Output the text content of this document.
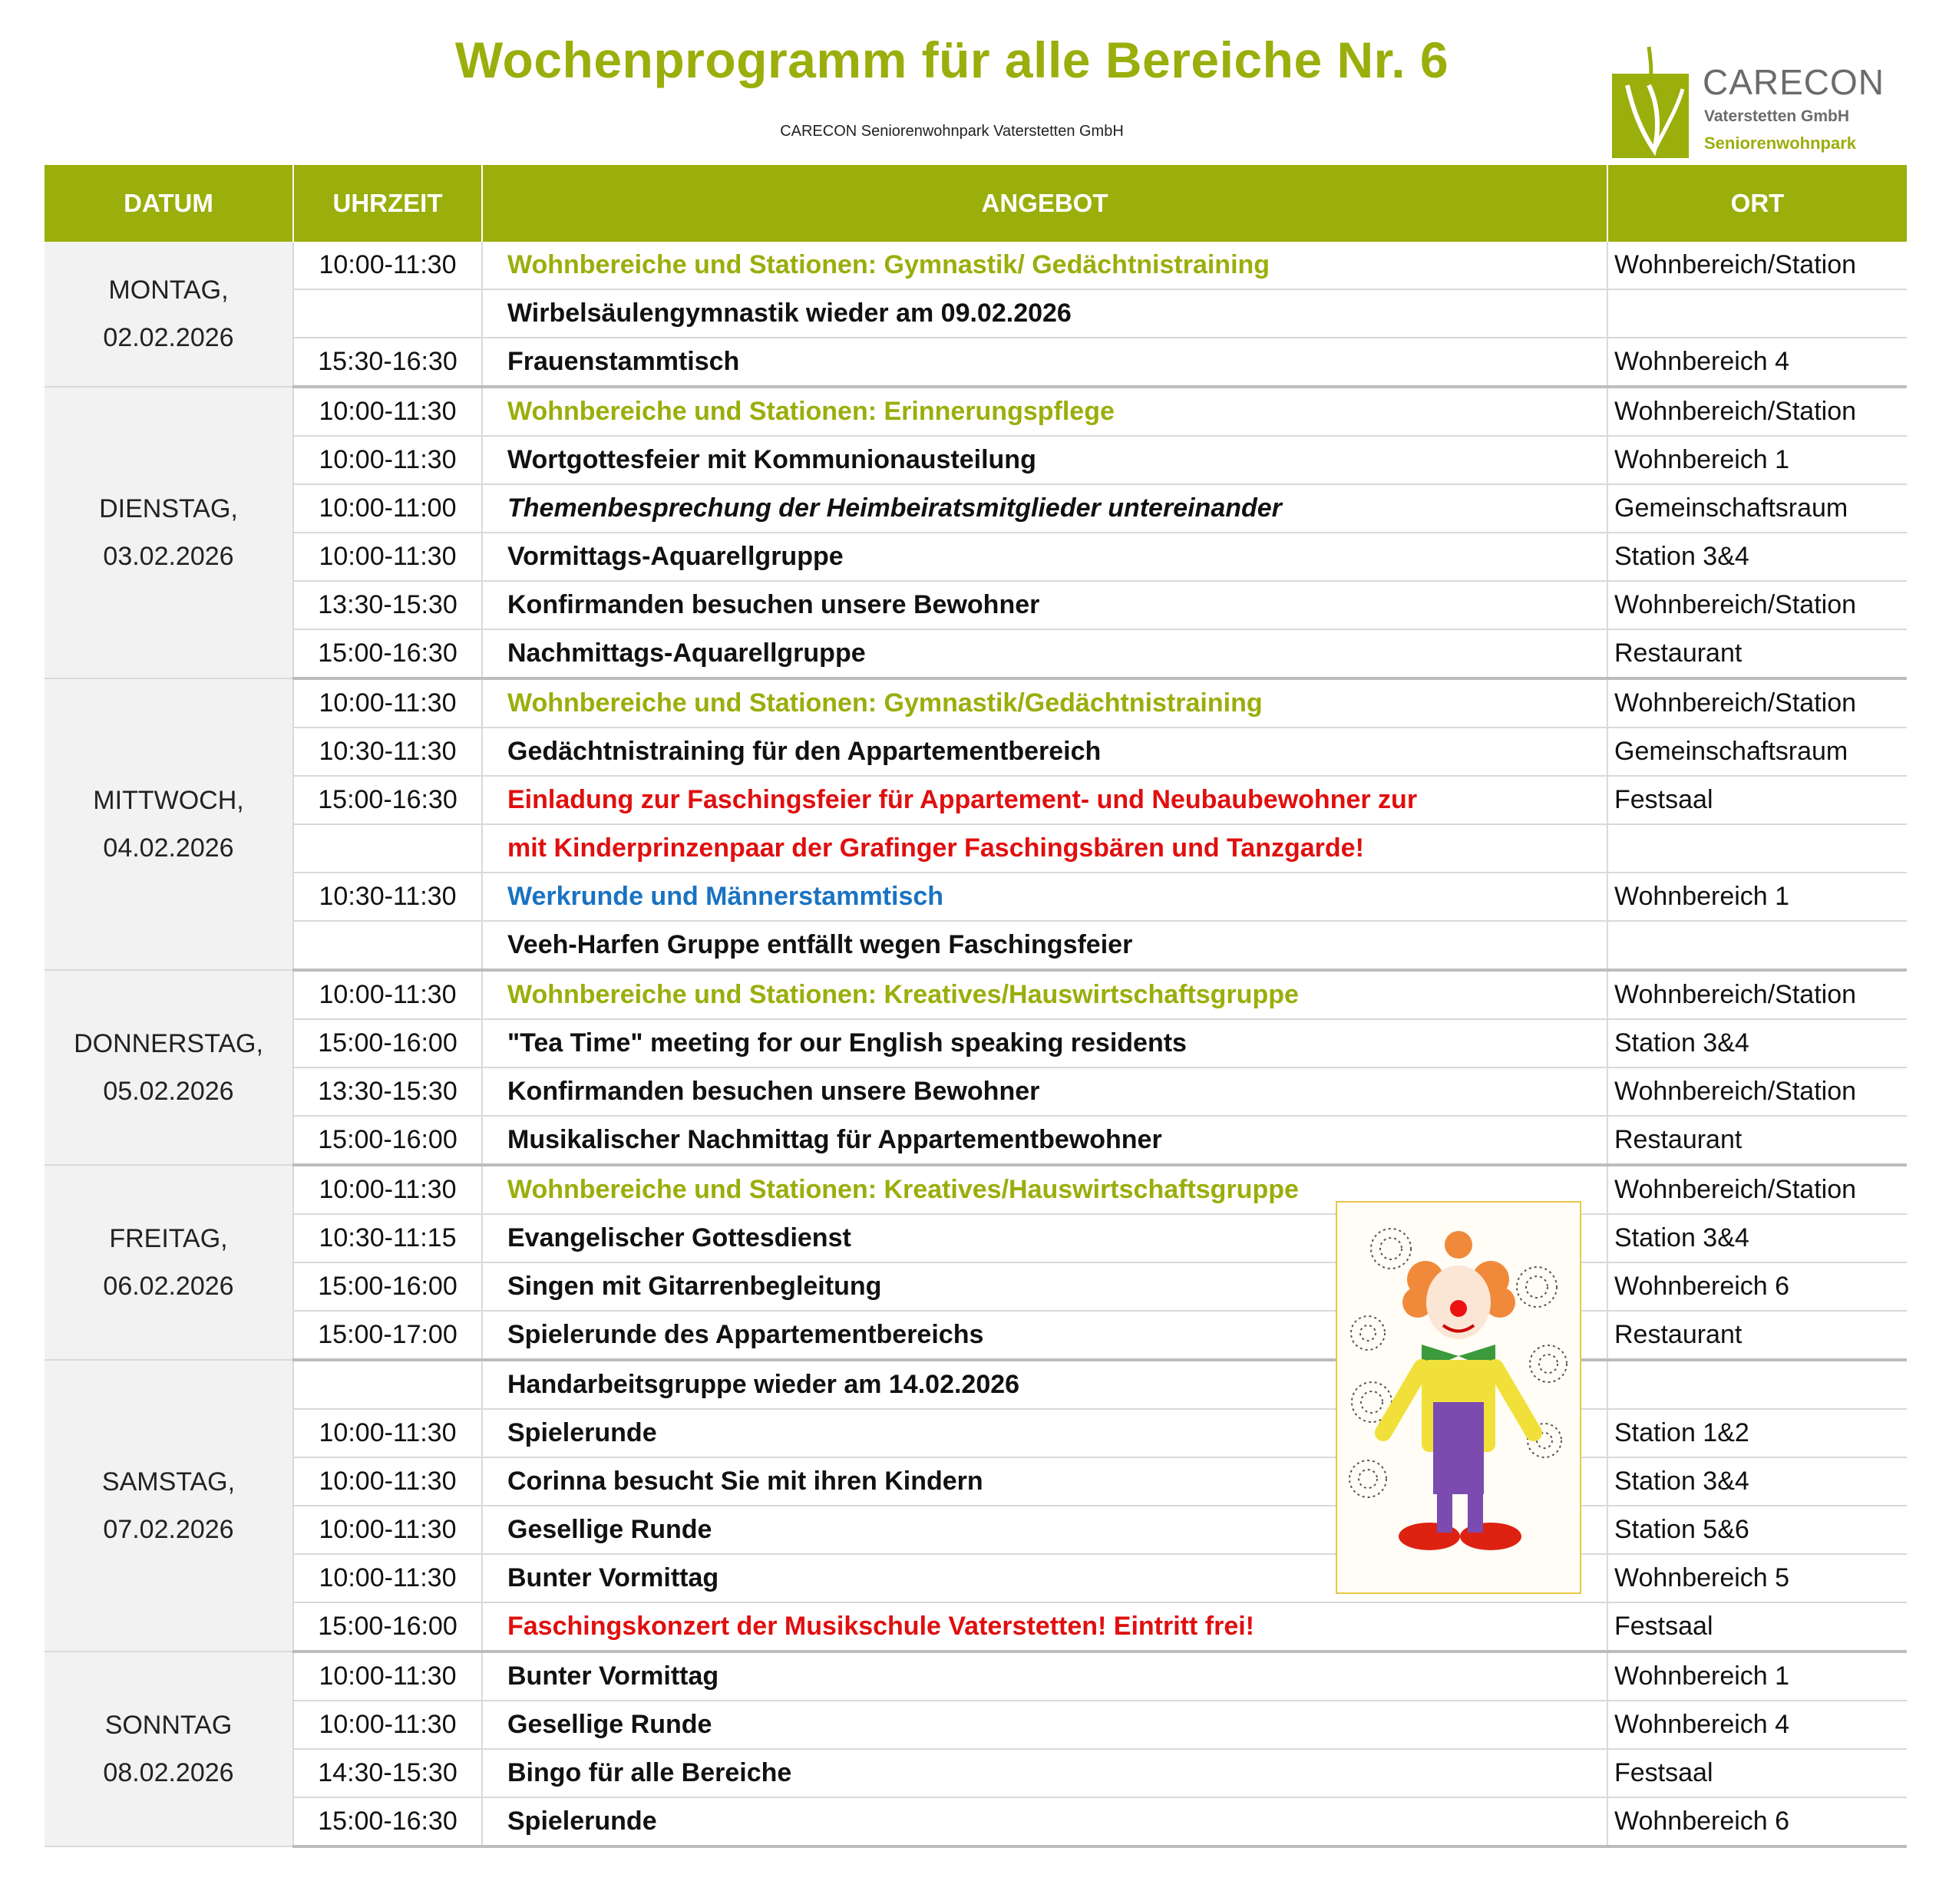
Wochenprogramm für alle Bereiche Nr. 6
CARECON Seniorenwohnpark Vaterstetten GmbH
CARECON
Vaterstetten GmbH
Seniorenwohnpark
DATUM	UHRZEIT	ANGEBOT	ORT

MONTAG,
02.02.2026	10:00-11:30	Wohnbereiche und Stationen: Gymnastik/ Gedächtnistraining	Wohnbereich/Station
		Wirbelsäulengymnastik wieder am 09.02.2026	
	15:30-16:30	Frauenstammtisch	Wohnbereich 4

DIENSTAG,
03.02.2026	10:00-11:30	Wohnbereiche und Stationen: Erinnerungspflege	Wohnbereich/Station
	10:00-11:30	Wortgottesfeier mit Kommunionausteilung	Wohnbereich 1
	10:00-11:00	Themenbesprechung der Heimbeiratsmitglieder untereinander	Gemeinschaftsraum
	10:00-11:30	Vormittags-Aquarellgruppe	Station 3&4
	13:30-15:30	Konfirmanden besuchen unsere Bewohner	Wohnbereich/Station
	15:00-16:30	Nachmittags-Aquarellgruppe	Restaurant

MITTWOCH,
04.02.2026	10:00-11:30	Wohnbereiche und Stationen: Gymnastik/Gedächtnistraining	Wohnbereich/Station
	10:30-11:30	Gedächtnistraining für den Appartementbereich	Gemeinschaftsraum
	15:00-16:30	Einladung zur Faschingsfeier für Appartement- und Neubaubewohner zur	Festsaal
		mit Kinderprinzenpaar der Grafinger Faschingsbären und Tanzgarde!	
	10:30-11:30	Werkrunde und Männerstammtisch	Wohnbereich 1
		Veeh-Harfen Gruppe entfällt wegen Faschingsfeier	

DONNERSTAG,
05.02.2026	10:00-11:30	Wohnbereiche und Stationen: Kreatives/Hauswirtschaftsgruppe	Wohnbereich/Station
	15:00-16:00	"Tea Time" meeting for our English speaking residents	Station 3&4
	13:30-15:30	Konfirmanden besuchen unsere Bewohner	Wohnbereich/Station
	15:00-16:00	Musikalischer Nachmittag für Appartementbewohner	Restaurant

FREITAG,
06.02.2026	10:00-11:30	Wohnbereiche und Stationen: Kreatives/Hauswirtschaftsgruppe	Wohnbereich/Station
	10:30-11:15	Evangelischer Gottesdienst	Station 3&4
	15:00-16:00	Singen mit Gitarrenbegleitung	Wohnbereich 6
	15:00-17:00	Spielerunde des Appartementbereichs	Restaurant

SAMSTAG,
07.02.2026		Handarbeitsgruppe wieder am 14.02.2026	
	10:00-11:30	Spielerunde	Station 1&2
	10:00-11:30	Corinna besucht Sie mit ihren Kindern	Station 3&4
	10:00-11:30	Gesellige Runde	Station 5&6
	10:00-11:30	Bunter Vormittag	Wohnbereich 5
	15:00-16:00	Faschingskonzert der Musikschule Vaterstetten! Eintritt frei!	Festsaal

SONNTAG
08.02.2026	10:00-11:30	Bunter Vormittag	Wohnbereich 1
	10:00-11:30	Gesellige Runde	Wohnbereich 4
	14:30-15:30	Bingo für alle Bereiche	Festsaal
	15:00-16:30	Spielerunde	Wohnbereich 6
